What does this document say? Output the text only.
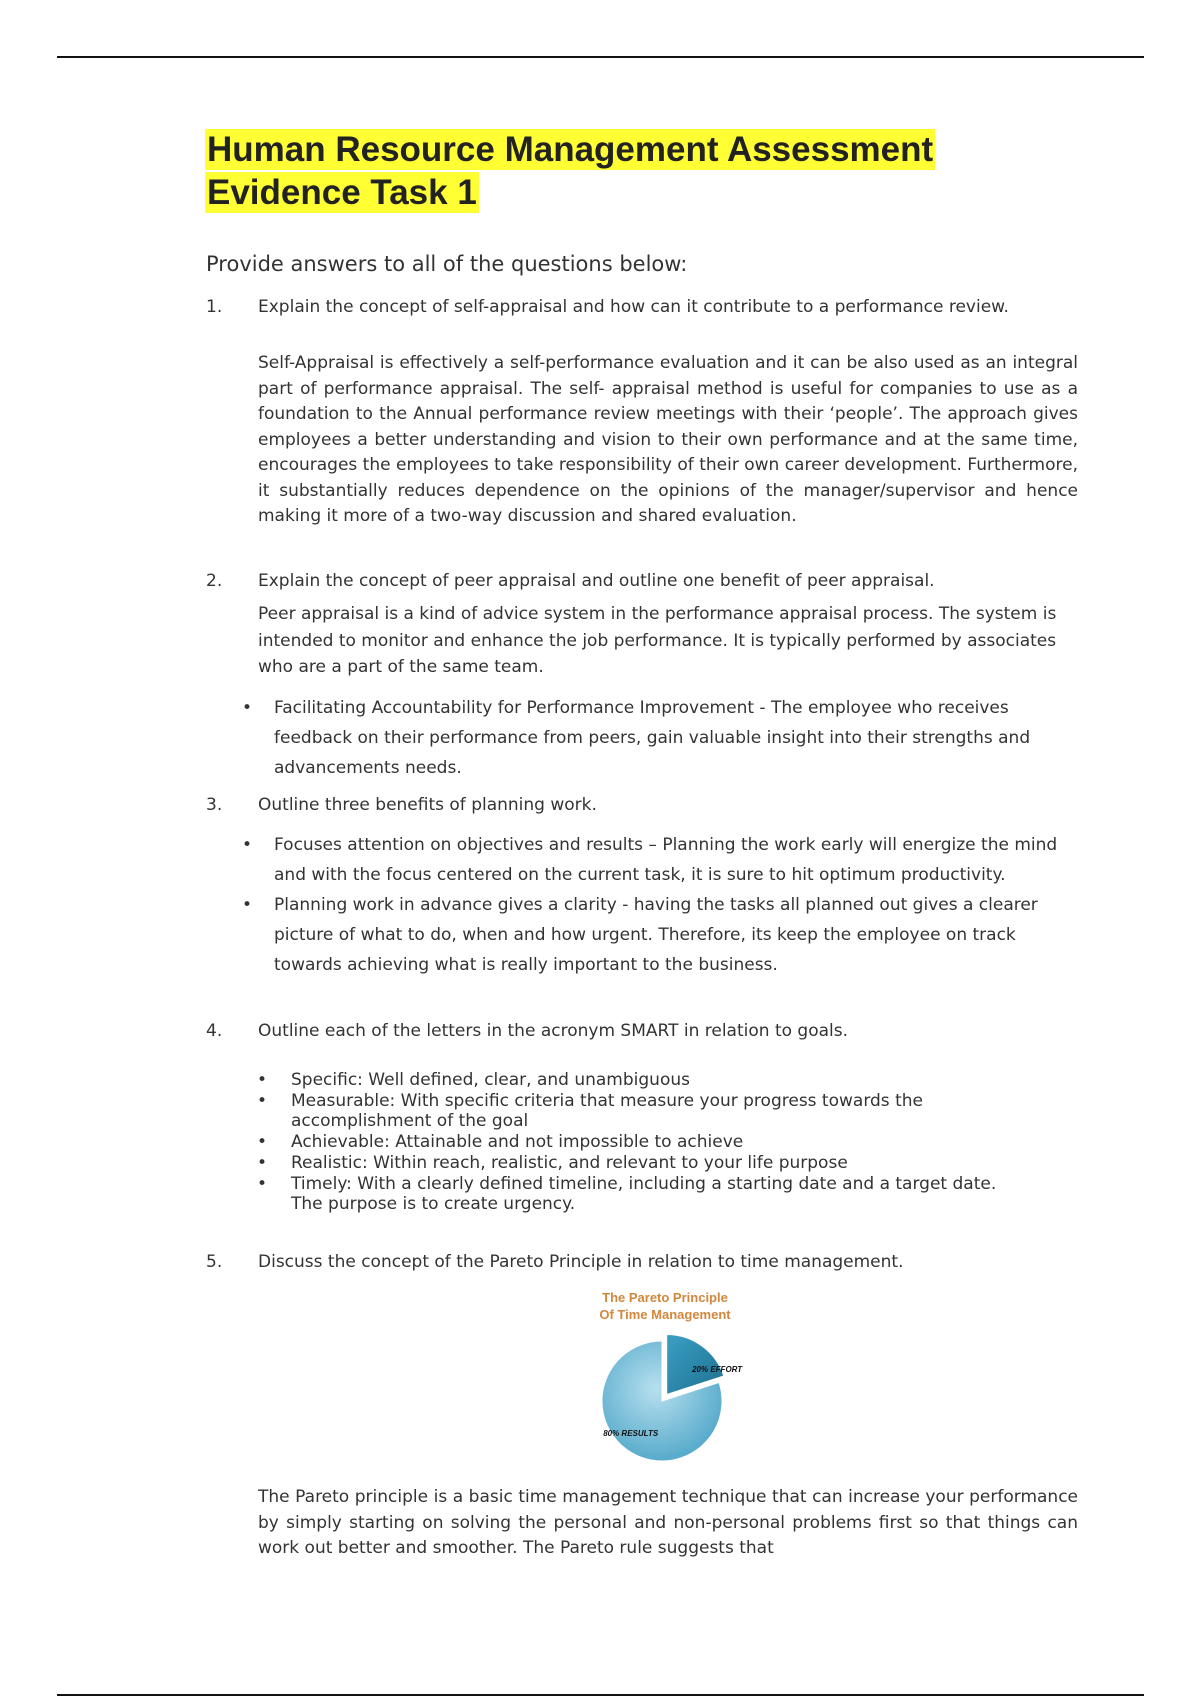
Human Resource Management Assessment
Evidence Task 1
Provide answers to all of the questions below:
1. Explain the concept of self-appraisal and how can it contribute to a performance review.
Self-Appraisal is effectively a self-performance evaluation and it can be also used as an integral part of performance appraisal. The self- appraisal method is useful for companies to use as a foundation to the Annual performance review meetings with their ‘people’. The approach gives employees a better understanding and vision to their own performance and at the same time, encourages the employees to take responsibility of their own career development. Furthermore, it substantially reduces dependence on the opinions of the manager/supervisor and hence making it more of a two-way discussion and shared evaluation.
2. Explain the concept of peer appraisal and outline one benefit of peer appraisal.
Peer appraisal is a kind of advice system in the performance appraisal process. The system is intended to monitor and enhance the job performance. It is typically performed by associates who are a part of the same team.
• Facilitating Accountability for Performance Improvement - The employee who receives feedback on their performance from peers, gain valuable insight into their strengths and advancements needs.
3. Outline three benefits of planning work.
• Focuses attention on objectives and results – Planning the work early will energize the mind and with the focus centered on the current task, it is sure to hit optimum productivity.
• Planning work in advance gives a clarity - having the tasks all planned out gives a clearer picture of what to do, when and how urgent. Therefore, its keep the employee on track towards achieving what is really important to the business.
4. Outline each of the letters in the acronym SMART in relation to goals.
• Specific: Well defined, clear, and unambiguous
• Measurable: With specific criteria that measure your progress towards the accomplishment of the goal
• Achievable: Attainable and not impossible to achieve
• Realistic: Within reach, realistic, and relevant to your life purpose
• Timely: With a clearly defined timeline, including a starting date and a target date. The purpose is to create urgency.
5. Discuss the concept of the Pareto Principle in relation to time management.
The Pareto Principle
Of Time Management
20% EFFORT
80% RESULTS
The Pareto principle is a basic time management technique that can increase your performance by simply starting on solving the personal and non-personal problems first so that things can work out better and smoother. The Pareto rule suggests that
